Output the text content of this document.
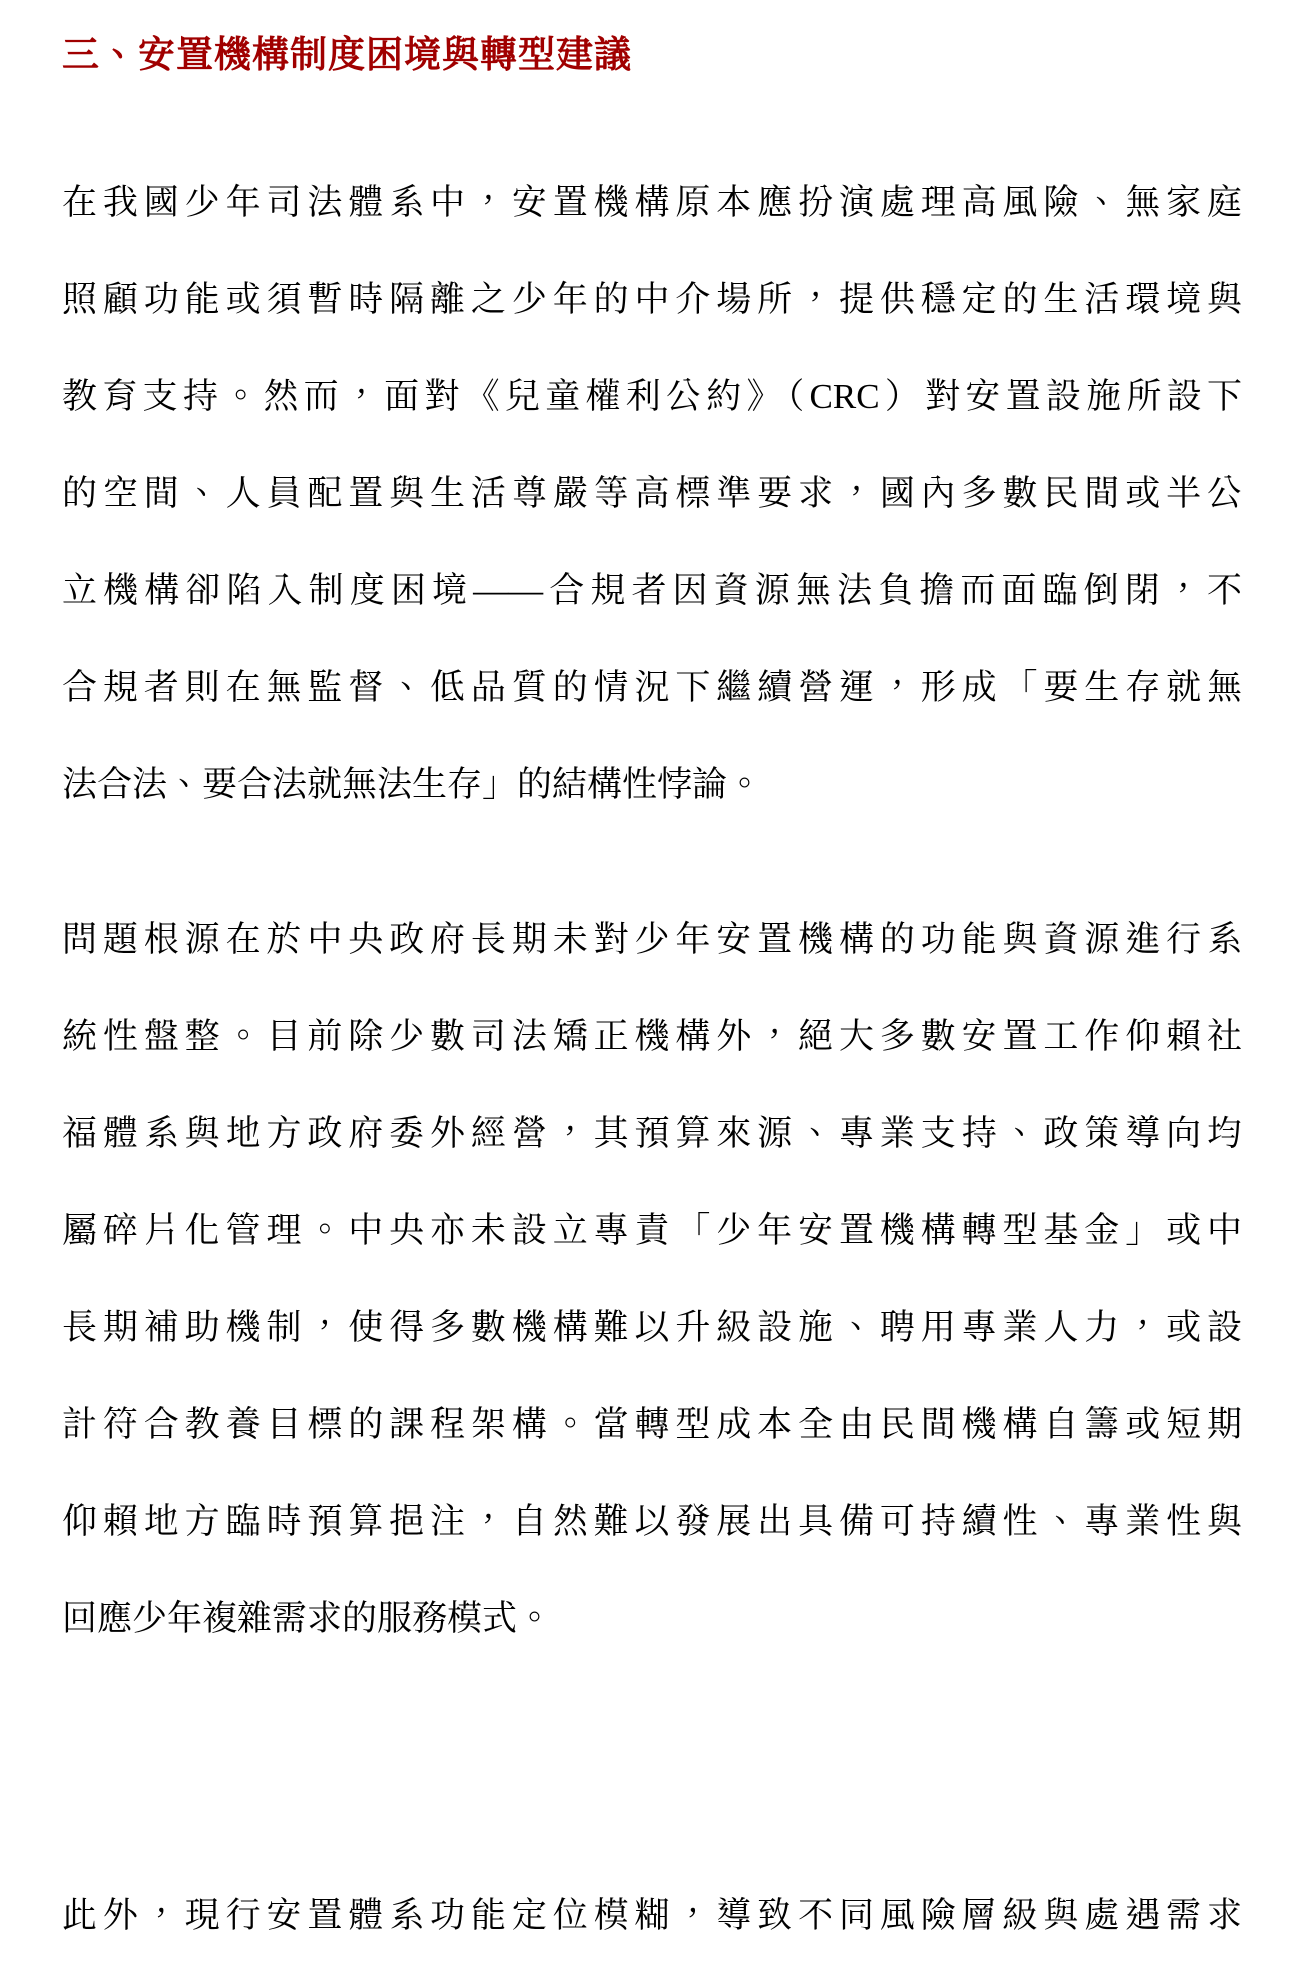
三、安置機構制度困境與轉型建議
在我國少年司法體系中，安置機構原本應扮演處理高風險、無家庭
照顧功能或須暫時隔離之少年的中介場所，提供穩定的生活環境與
教育支持。然而，面對《兒童權利公約》（CRC）對安置設施所設下
的空間、人員配置與生活尊嚴等高標準要求，國內多數民間或半公
立機構卻陷入制度困境——合規者因資源無法負擔而面臨倒閉，不
合規者則在無監督、低品質的情況下繼續營運，形成「要生存就無
法合法、要合法就無法生存」的結構性悖論。
問題根源在於中央政府長期未對少年安置機構的功能與資源進行系
統性盤整。目前除少數司法矯正機構外，絕大多數安置工作仰賴社
福體系與地方政府委外經營，其預算來源、專業支持、政策導向均
屬碎片化管理。中央亦未設立專責「少年安置機構轉型基金」或中
長期補助機制，使得多數機構難以升級設施、聘用專業人力，或設
計符合教養目標的課程架構。當轉型成本全由民間機構自籌或短期
仰賴地方臨時預算挹注，自然難以發展出具備可持續性、專業性與
回應少年複雜需求的服務模式。
此外，現行安置體系功能定位模糊，導致不同風險層級與處遇需求
